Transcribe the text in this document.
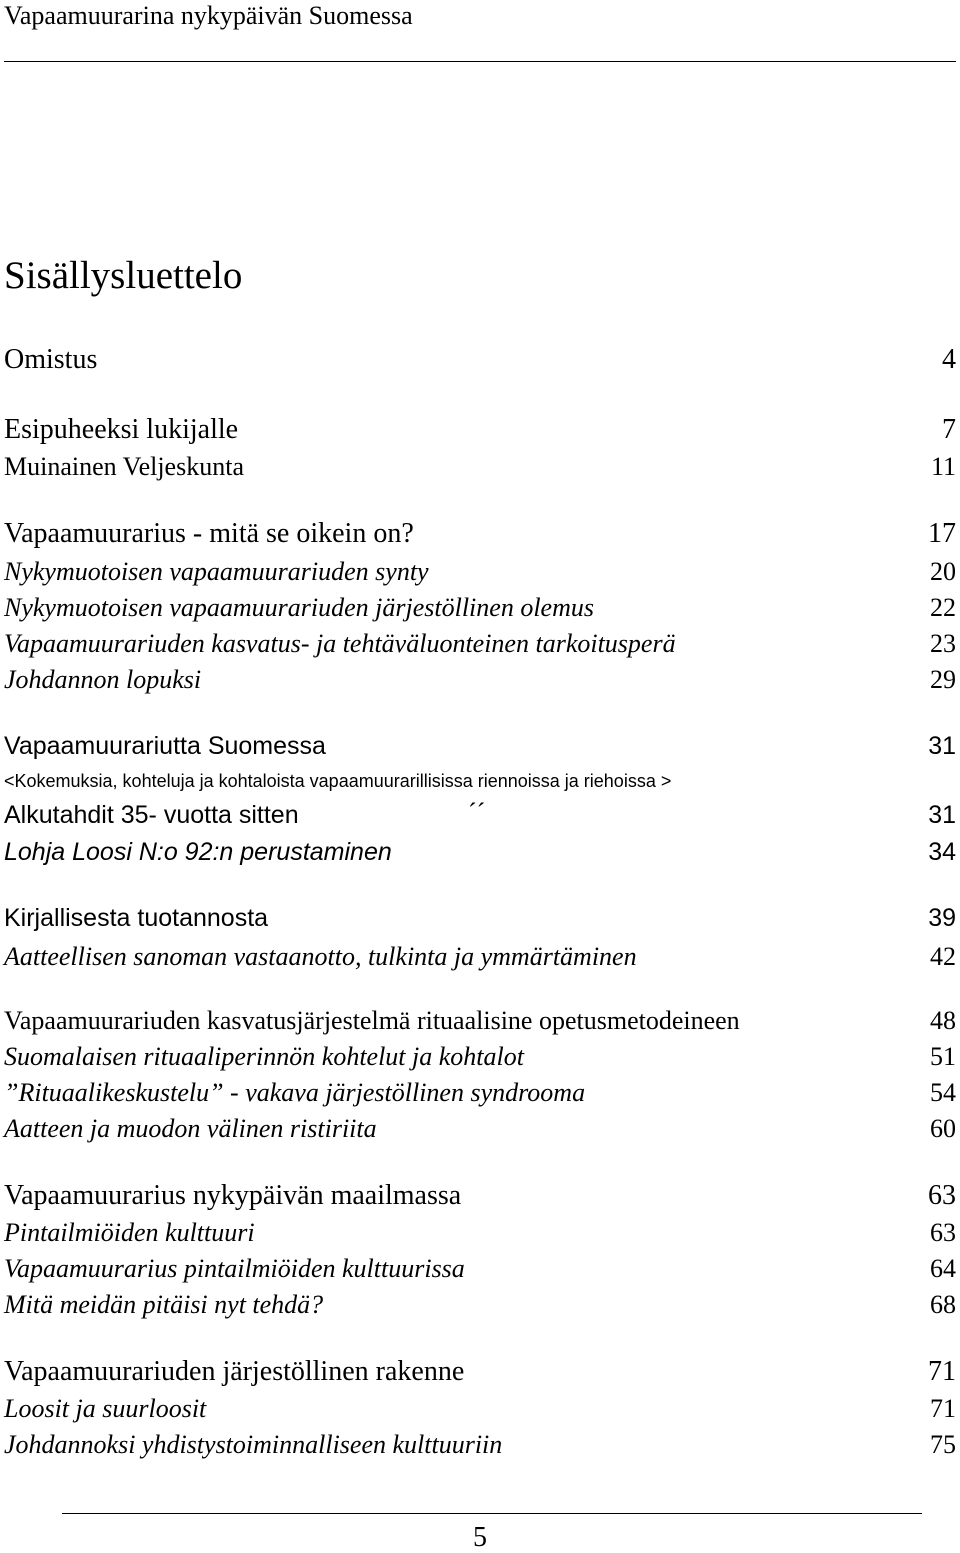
Vapaamuurarina nykypäivän Suomessa
Sisällysluettelo
Omistus	4
Esipuheeksi lukijalle	7
Muinainen Veljeskunta	11
Vapaamuurarius - mitä se oikein on?	17
Nykymuotoisen vapaamuurariuden synty	20
Nykymuotoisen vapaamuurariuden järjestöllinen olemus	22
Vapaamuurariuden kasvatus- ja tehtäväluonteinen tarkoitusperä	23
Johdannon lopuksi	29
Vapaamuurariutta Suomessa	31
<Kokemuksia, kohteluja ja kohtaloista vapaamuurarillisissa riennoissa ja riehoissa >
Alkutahdit 35- vuotta sitten	31
´´
Lohja Loosi N:o 92:n perustaminen	34
Kirjallisesta tuotannosta	39
Aatteellisen sanoman vastaanotto, tulkinta ja ymmärtäminen	42
Vapaamuurariuden kasvatusjärjestelmä rituaalisine opetusmetodeineen	48
Suomalaisen rituaaliperinnön kohtelut ja kohtalot	51
”Rituaalikeskustelu” - vakava järjestöllinen syndrooma	54
Aatteen ja muodon välinen ristiriita	60
Vapaamuurarius nykypäivän maailmassa	63
Pintailmiöiden kulttuuri	63
Vapaamuurarius pintailmiöiden kulttuurissa	64
Mitä meidän pitäisi nyt tehdä?	68
Vapaamuurariuden järjestöllinen rakenne	71
Loosit ja suurloosit	71
Johdannoksi yhdistystoiminnalliseen kulttuuriin	75
5
